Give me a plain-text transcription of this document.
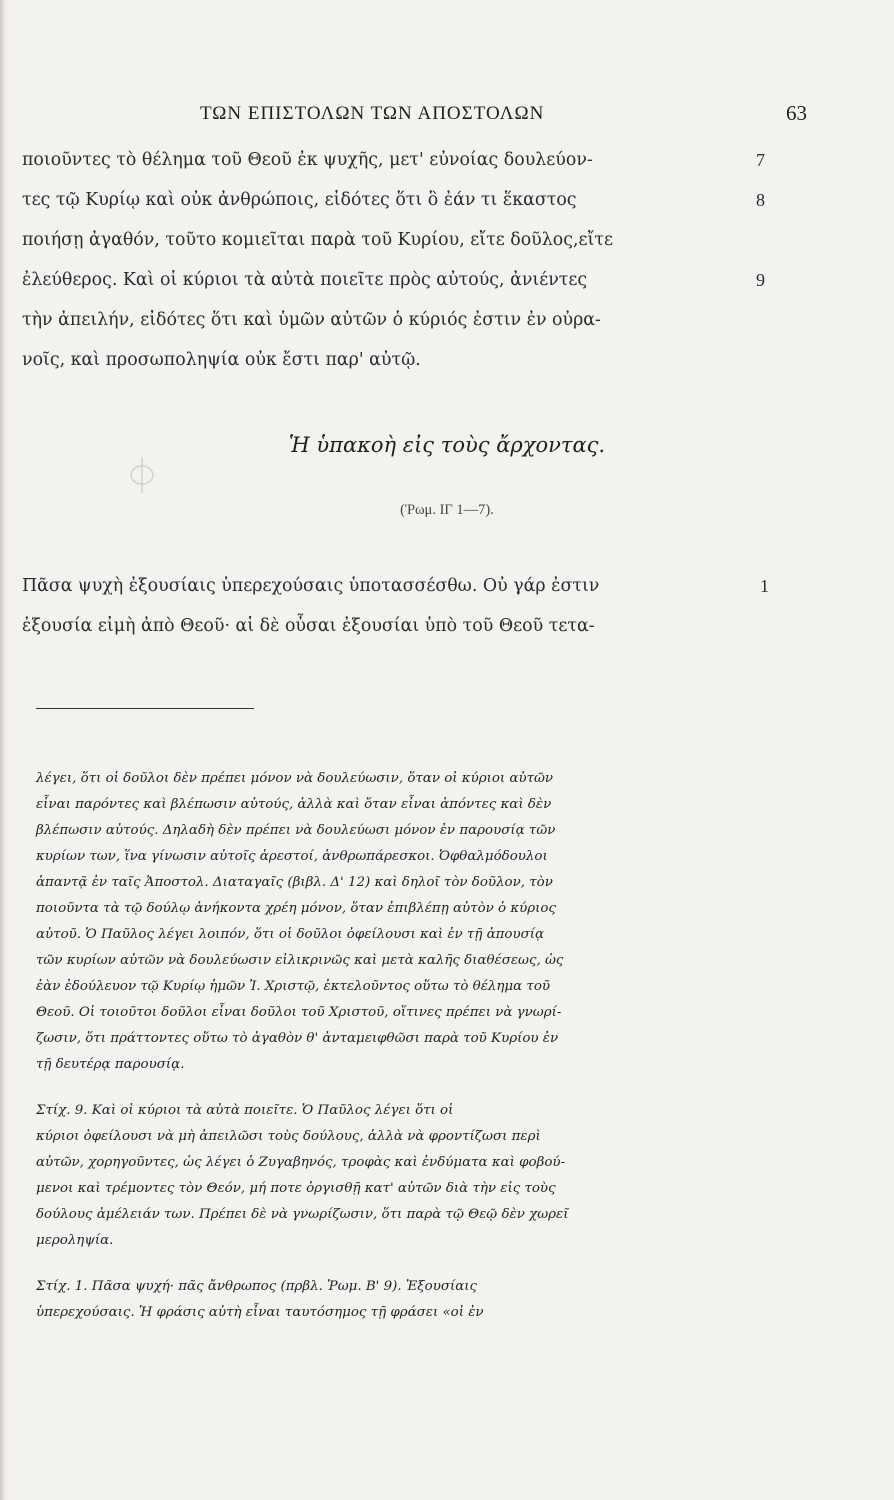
ΤΩΝ ΕΠΙΣΤΟΛΩΝ ΤΩΝ ΑΠΟΣΤΟΛΩΝ	63
ποιοῦντες τὸ θέλημα τοῦ Θεοῦ ἐκ ψυχῆς, μετ' εὐνοίας δουλεύον-
τες τῷ Κυρίῳ καὶ οὐκ ἀνθρώποις, εἰδότες ὅτι ὃ ἐάν τι ἕκαστος
ποιήσῃ ἀγαθόν, τοῦτο κομιεῖται παρὰ τοῦ Κυρίου, εἴτε δοῦλος,εἴτε
ἐλεύθερος. Καὶ οἱ κύριοι τὰ αὐτὰ ποιεῖτε πρὸς αὐτούς, ἀνιέντες
τὴν ἀπειλήν, εἰδότες ὅτι καὶ ὑμῶν αὐτῶν ὁ κύριός ἐστιν ἐν οὐρα-
νοῖς, καὶ προσωποληψία οὐκ ἔστι παρ' αὐτῷ.
7
8
9
Ἡ ὑπακοὴ εἰς τοὺς ἄρχοντας.
(Ῥωμ. ΙΓ 1—7).
Πᾶσα ψυχὴ ἐξουσίαις ὑπερεχούσαις ὑποτασσέσθω. Οὐ γάρ ἐστιν
ἐξουσία εἰμὴ ἀπὸ Θεοῦ· αἱ δὲ οὖσαι ἐξουσίαι ὑπὸ τοῦ Θεοῦ τετα-
1
λέγει, ὅτι οἱ δοῦλοι δὲν πρέπει μόνον νὰ δουλεύωσιν, ὅταν οἱ κύριοι αὐτῶν
εἶναι παρόντες καὶ βλέπωσιν αὐτούς, ἀλλὰ καὶ ὅταν εἶναι ἀπόντες καὶ δὲν
βλέπωσιν αὐτούς. Δηλαδὴ δὲν πρέπει νὰ δουλεύωσι μόνον ἐν παρουσίᾳ τῶν
κυρίων των, ἵνα γίνωσιν αὐτοῖς ἀρεστοί, ἀνθρωπάρεσκοι. Ὀφθαλμόδουλοι
ἀπαντᾷ ἐν ταῖς Ἀποστολ. Διαταγαῖς (βιβλ. Δ' 12) καὶ δηλοῖ τὸν δοῦλον, τὸν
ποιοῦντα τὰ τῷ δούλῳ ἀνήκοντα χρέη μόνον, ὅταν ἐπιβλέπῃ αὐτὸν ὁ κύριος
αὐτοῦ. Ὁ Παῦλος λέγει λοιπόν, ὅτι οἱ δοῦλοι ὀφείλουσι καὶ ἐν τῇ ἀπουσίᾳ
τῶν κυρίων αὐτῶν νὰ δουλεύωσιν εἰλικρινῶς καὶ μετὰ καλῆς διαθέσεως, ὡς
ἐὰν ἐδούλευον τῷ Κυρίῳ ἡμῶν Ἰ. Χριστῷ, ἐκτελοῦντος οὕτω τὸ θέλημα τοῦ
Θεοῦ. Οἱ τοιοῦτοι δοῦλοι εἶναι δοῦλοι τοῦ Χριστοῦ, οἵτινες πρέπει νὰ γνωρί-
ζωσιν, ὅτι πράττοντες οὕτω τὸ ἀγαθὸν θ' ἀνταμειφθῶσι παρὰ τοῦ Κυρίου ἐν
τῇ δευτέρᾳ παρουσίᾳ.
Στίχ. 9. Καὶ οἱ κύριοι τὰ αὐτὰ ποιεῖτε. Ὁ Παῦλος λέγει ὅτι οἱ
κύριοι ὀφείλουσι νὰ μὴ ἀπειλῶσι τοὺς δούλους, ἀλλὰ νὰ φροντίζωσι περὶ
αὐτῶν, χορηγοῦντες, ὡς λέγει ὁ Ζυγαβηνός, τροφὰς καὶ ἐνδύματα καὶ φοβού-
μενοι καὶ τρέμοντες τὸν Θεόν, μή ποτε ὀργισθῇ κατ' αὐτῶν διὰ τὴν εἰς τοὺς
δούλους ἀμέλειάν των. Πρέπει δὲ νὰ γνωρίζωσιν, ὅτι παρὰ τῷ Θεῷ δὲν χωρεῖ
μεροληψία.
Στίχ. 1. Πᾶσα ψυχή· πᾶς ἄνθρωπος (πρβλ. Ῥωμ. Β' 9). Ἐξουσίαις
ὑπερεχούσαις. Ἡ φράσις αὐτὴ εἶναι ταυτόσημος τῇ φράσει «οἱ ἐν
